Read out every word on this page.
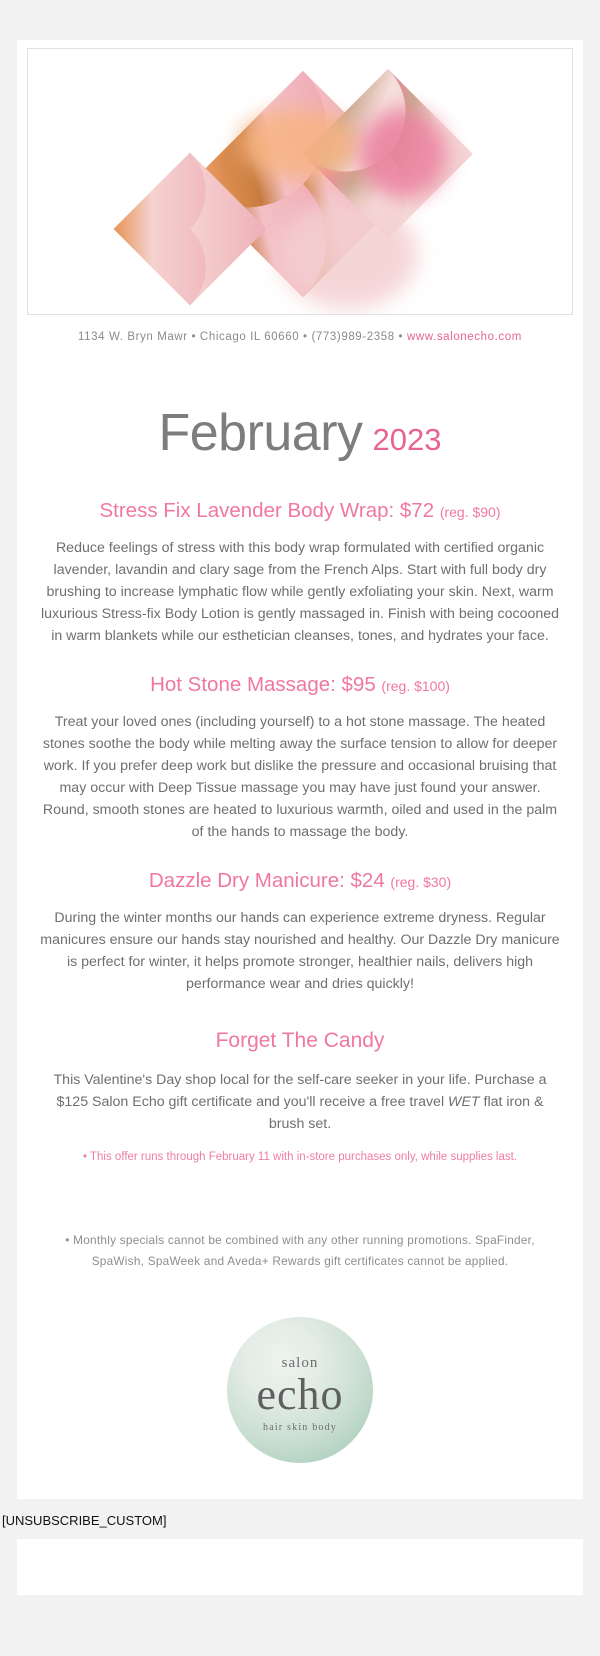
1134 W. Bryn Mawr • Chicago IL 60660 • (773)989-2358 • www.salonecho.com
February 2023
Stress Fix Lavender Body Wrap: $72 (reg. $90)

Reduce feelings of stress with this body wrap formulated with certified organic lavender, lavandin and clary sage from the French Alps. Start with full body dry brushing to increase lymphatic flow while gently exfoliating your skin. Next, warm luxurious Stress-fix Body Lotion is gently massaged in. Finish with being cocooned in warm blankets while our esthetician cleanses, tones, and hydrates your face.

Hot Stone Massage: $95 (reg. $100)

Treat your loved ones (including yourself) to a hot stone massage. The heated stones soothe the body while melting away the surface tension to allow for deeper work. If you prefer deep work but dislike the pressure and occasional bruising that may occur with Deep Tissue massage you may have just found your answer. Round, smooth stones are heated to luxurious warmth, oiled and used in the palm of the hands to massage the body.

Dazzle Dry Manicure: $24 (reg. $30)

During the winter months our hands can experience extreme dryness. Regular manicures ensure our hands stay nourished and healthy. Our Dazzle Dry manicure is perfect for winter, it helps promote stronger, healthier nails, delivers high performance wear and dries quickly!

Forget The Candy

This Valentine's Day shop local for the self-care seeker in your life. Purchase a $125 Salon Echo gift certificate and you'll receive a free travel WET flat iron & brush set.

• This offer runs through February 11 with in-store purchases only, while supplies last.

• Monthly specials cannot be combined with any other running promotions. SpaFinder, SpaWish, SpaWeek and Aveda+ Rewards gift certificates cannot be applied.

salon
echo
hair skin body
[UNSUBSCRIBE_CUSTOM]
